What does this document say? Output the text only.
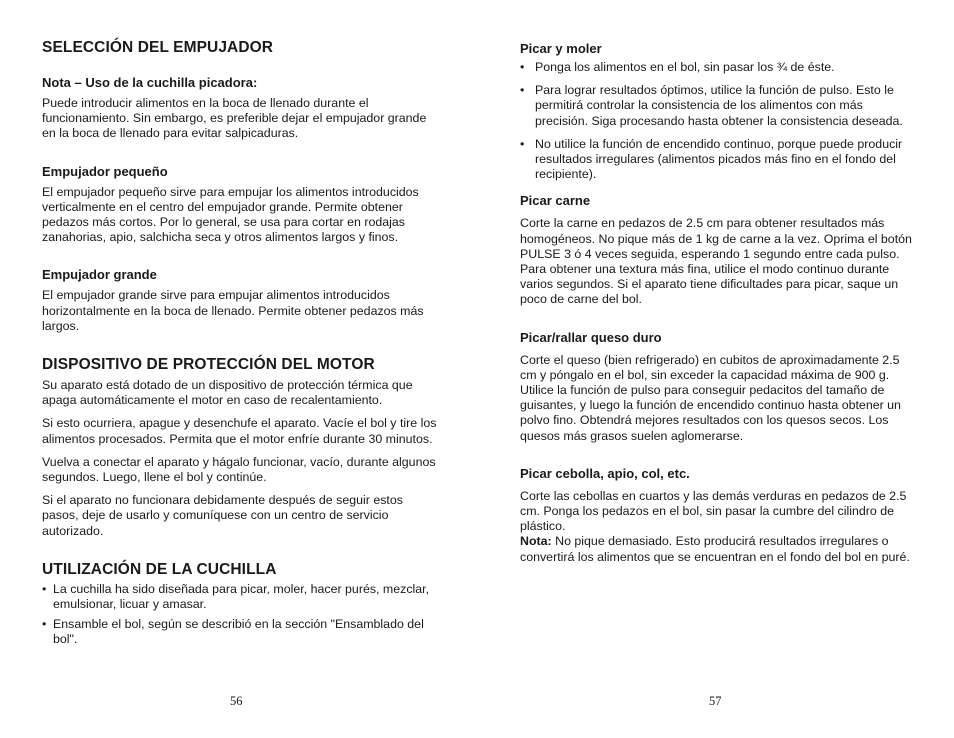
SELECCIÓN DEL EMPUJADOR
Nota – Uso de la cuchilla picadora:

Puede introducir alimentos en la boca de llenado durante el funcionamiento. Sin embargo, es preferible dejar el empujador grande en la boca de llenado para evitar salpicaduras.

Empujador pequeño

El empujador pequeño sirve para empujar los alimentos introducidos verticalmente en el centro del empujador grande. Permite obtener pedazos más cortos. Por lo general, se usa para cortar en rodajas zanahorias, apio, salchicha seca y otros alimentos largos y finos.

Empujador grande

El empujador grande sirve para empujar alimentos introducidos horizontalmente en la boca de llenado. Permite obtener pedazos más largos.

DISPOSITIVO DE PROTECCIÓN DEL MOTOR

Su aparato está dotado de un dispositivo de protección térmica que apaga automáticamente el motor en caso de recalentamiento.

Si esto ocurriera, apague y desenchufe el aparato. Vacíe el bol y tire los alimentos procesados. Permita que el motor enfríe durante 30 minutos.

Vuelva a conectar el aparato y hágalo funcionar, vacío, durante algunos segundos. Luego, llene el bol y continúe.

Si el aparato no funcionara debidamente después de seguir estos pasos, deje de usarlo y comuníquese con un centro de servicio autorizado.

UTILIZACIÓN DE LA CUCHILLA
• La cuchilla ha sido diseñada para picar, moler, hacer purés, mezclar, emulsionar, licuar y amasar.
• Ensamble el bol, según se describió en la sección "Ensamblado del bol".
56
Picar y moler
• Ponga los alimentos en el bol, sin pasar los ¾ de éste.
• Para lograr resultados óptimos, utilice la función de pulso. Esto le permitirá controlar la consistencia de los alimentos con más precisión. Siga procesando hasta obtener la consistencia deseada.
• No utilice la función de encendido continuo, porque puede producir resultados irregulares (alimentos picados más fino en el fondo del recipiente).
Picar carne

Corte la carne en pedazos de 2.5 cm para obtener resultados más homogéneos. No pique más de 1 kg de carne a la vez. Oprima el botón PULSE 3 ó 4 veces seguida, esperando 1 segundo entre cada pulso. Para obtener una textura más fina, utilice el modo continuo durante varios segundos. Si el aparato tiene dificultades para picar, saque un poco de carne del bol.

Picar/rallar queso duro

Corte el queso (bien refrigerado) en cubitos de aproximadamente 2.5 cm y póngalo en el bol, sin exceder la capacidad máxima de 900 g. Utilice la función de pulso para conseguir pedacitos del tamaño de guisantes, y luego la función de encendido continuo hasta obtener un polvo fino. Obtendrá mejores resultados con los quesos secos. Los quesos más grasos suelen aglomerarse.

Picar cebolla, apio, col, etc.

Corte las cebollas en cuartos y las demás verduras en pedazos de 2.5 cm. Ponga los pedazos en el bol, sin pasar la cumbre del cilindro de plástico.

Nota: No pique demasiado. Esto producirá resultados irregulares o convertirá los alimentos que se encuentran en el fondo del bol en puré.

57
